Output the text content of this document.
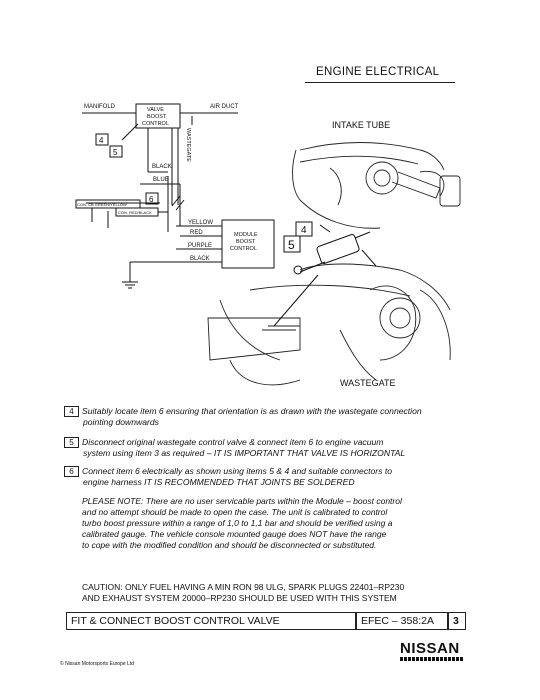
ENGINE ELECTRICAL
MANIFOLD	VALVE
BOOST
CONTROL
AIR DUCT
WASTEGATE
4
5
BLACK
BLUE
6
CON. CB GREEN/YELLOW
CON. RED/BLACK
YELLOW
RED
PURPLE
BLACK
MODULE
BOOST
CONTROL
INTAKE TUBE
WASTEGATE
4
5
4 Suitably locate item 6 ensuring that orientation is as drawn with the wastegate connection
pointing downwards
5 Disconnect original wastegate control valve & connect item 6 to engine vacuum
system using item 3 as required – IT IS IMPORTANT THAT VALVE IS HORIZONTAL
6 Connect item 6 electrically as shown using items 5 & 4 and suitable connectors to
engine harness IT IS RECOMMENDED THAT JOINTS BE SOLDERED
PLEASE NOTE: There are no user servicable parts within the Module – boost control
and no attempt should be made to open the case. The unit is calibrated to control
turbo boost pressure within a range of 1,0 to 1,1 bar and should be verified using a
calibrated gauge. The vehicle console mounted gauge does NOT have the range
to cope with the modified condition and should be disconnected or substituted.
CAUTION: ONLY FUEL HAVING A MIN RON 98 ULG, SPARK PLUGS 22401–RP230
AND EXHAUST SYSTEM 20000–RP230 SHOULD BE USED WITH THIS SYSTEM
FIT & CONNECT BOOST CONTROL VALVE	EFEC – 358:2A	3
© Nissan Motorsports Europe Ltd
NISSAN
